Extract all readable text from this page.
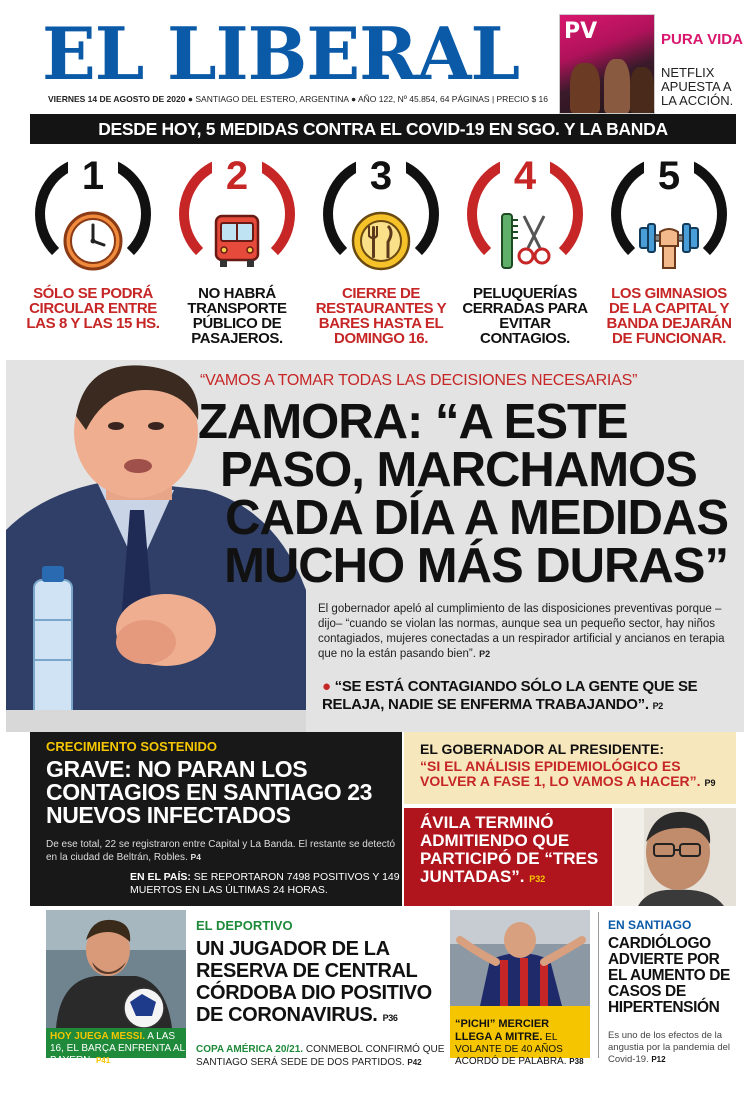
EL LIBERAL
VIERNES 14 DE AGOSTO DE 2020 ● SANTIAGO DEL ESTERO, ARGENTINA ● AÑO 122, Nº 45.854, 64 PÁGINAS | PRECIO $ 16
PV	PURA VIDA
NETFLIX APUESTA A LA ACCIÓN.
DESDE HOY, 5 MEDIDAS CONTRA EL COVID-19 EN SGO. Y LA BANDA
1
SÓLO SE PODRÁ CIRCULAR ENTRE LAS 8 Y LAS 15 HS.
2
NO HABRÁ TRANSPORTE PÚBLICO DE PASAJEROS.
3
CIERRE DE RESTAURANTES Y BARES HASTA EL DOMINGO 16.
4
PELUQUERÍAS CERRADAS PARA EVITAR CONTAGIOS.
5
LOS GIMNASIOS DE LA CAPITAL Y BANDA DEJARÁN DE FUNCIONAR.
“VAMOS A TOMAR TODAS LAS DECISIONES NECESARIAS”
ZAMORA: “A ESTE
PASO, MARCHAMOS
CADA DÍA A MEDIDAS
MUCHO MÁS DURAS”
El gobernador apeló al cumplimiento de las disposiciones preventivas porque –dijo– “cuando se violan las normas, aunque sea un pequeño sector, hay niños contagiados, mujeres conectadas a un respirador artificial y ancianos en terapia que no la están pasando bien”. P2
● “SE ESTÁ CONTAGIANDO SÓLO LA GENTE QUE SE RELAJA, NADIE SE ENFERMA TRABAJANDO”. P2
CRECIMIENTO SOSTENIDO
GRAVE: NO PARAN LOS CONTAGIOS EN SANTIAGO 23 NUEVOS INFECTADOS
De ese total, 22 se registraron entre Capital y La Banda. El restante se detectó en la ciudad de Beltrán, Robles. P4
EN EL PAÍS: SE REPORTARON 7498 POSITIVOS Y 149 MUERTOS EN LAS ÚLTIMAS 24 HORAS.
EL GOBERNADOR AL PRESIDENTE:
“SI EL ANÁLISIS EPIDEMIOLÓGICO ES VOLVER A FASE 1, LO VAMOS A HACER”. P9
ÁVILA TERMINÓ ADMITIENDO QUE PARTICIPÓ DE “TRES JUNTADAS”. P32
HOY JUEGA MESSI. A LAS 16, EL BARÇA ENFRENTA AL BAYERN. P41
EL DEPORTIVO
UN JUGADOR DE LA RESERVA DE CENTRAL CÓRDOBA DIO POSITIVO DE CORONAVIRUS. P36
COPA AMÉRICA 20/21. CONMEBOL CONFIRMÓ QUE SANTIAGO SERÁ SEDE DE DOS PARTIDOS. P42
“PICHI” MERCIER LLEGA A MITRE. EL VOLANTE DE 40 AÑOS ACORDÓ DE PALABRA. P38
EN SANTIAGO
CARDIÓLOGO ADVIERTE POR EL AUMENTO DE CASOS DE HIPERTENSIÓN
Es uno de los efectos de la angustia por la pandemia del Covid-19. P12
